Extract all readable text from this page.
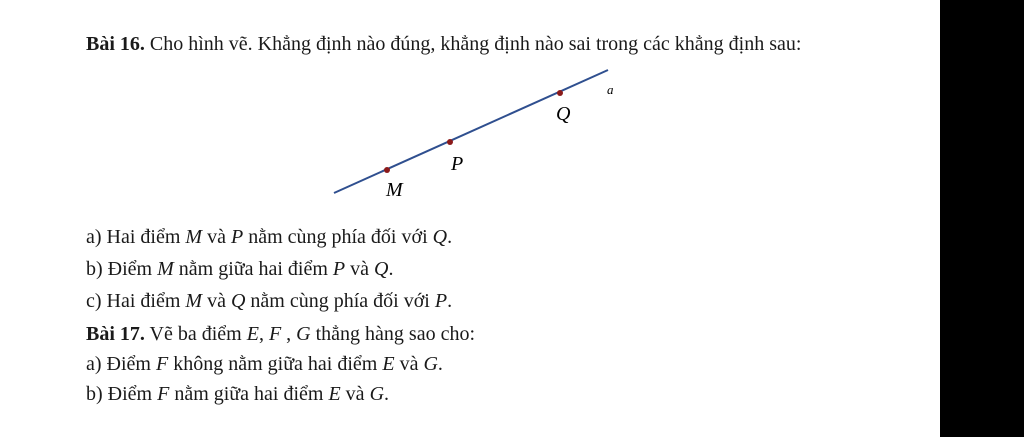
Bài 16. Cho hình vẽ. Khẳng định nào đúng, khẳng định nào sai trong các khẳng định sau:
M
P
Q
a
a) Hai điểm M và P nằm cùng phía đối với Q.
b) Điểm M nằm giữa hai điểm P và Q.
c) Hai điểm M và Q nằm cùng phía đối với P.
Bài 17. Vẽ ba điểm E, F , G thẳng hàng sao cho:
a) Điểm F không nằm giữa hai điểm E và G.
b) Điểm F nằm giữa hai điểm E và G.
